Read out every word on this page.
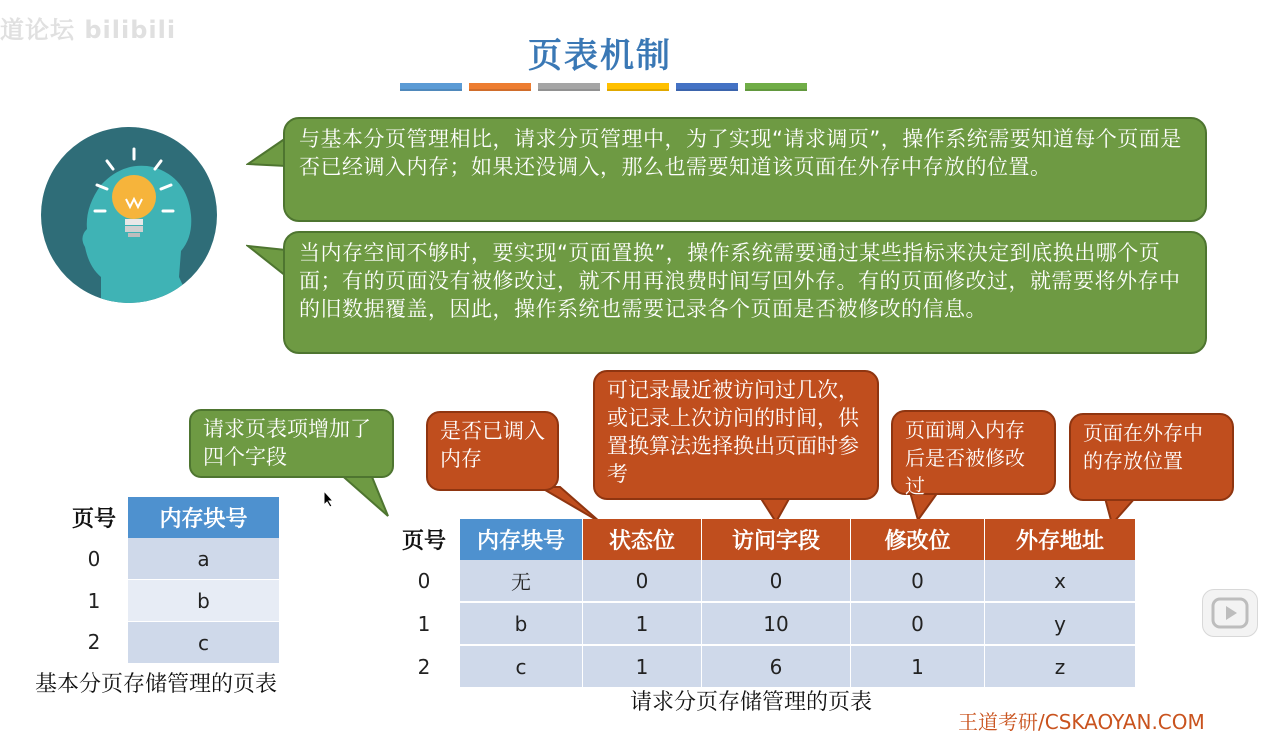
道论坛 bilibili
页表机制
与基本分页管理相比，请求分页管理中，为了实现“请求调页”，操作系统需要知道每个页面是否已经调入内存；如果还没调入，那么也需要知道该页面在外存中存放的位置。
当内存空间不够时，要实现“页面置换”，操作系统需要通过某些指标来决定到底换出哪个页面；有的页面没有被修改过，就不用再浪费时间写回外存。有的页面修改过，就需要将外存中的旧数据覆盖，因此，操作系统也需要记录各个页面是否被修改的信息。
请求页表项增加了四个字段
是否已调入内存
可记录最近被访问过几次，或记录上次访问的时间，供置换算法选择换出页面时参考
页面调入内存后是否被修改过
页面在外存中的存放位置
页号	内存块号
0	a
1	b
2	c
基本分页存储管理的页表
页号	内存块号	状态位	访问字段	修改位	外存地址
0	无	0	0	0	x
1	b	1	10	0	y
2	c	1	6	1	z
请求分页存储管理的页表
王道考研/CSKAOYAN.COM
